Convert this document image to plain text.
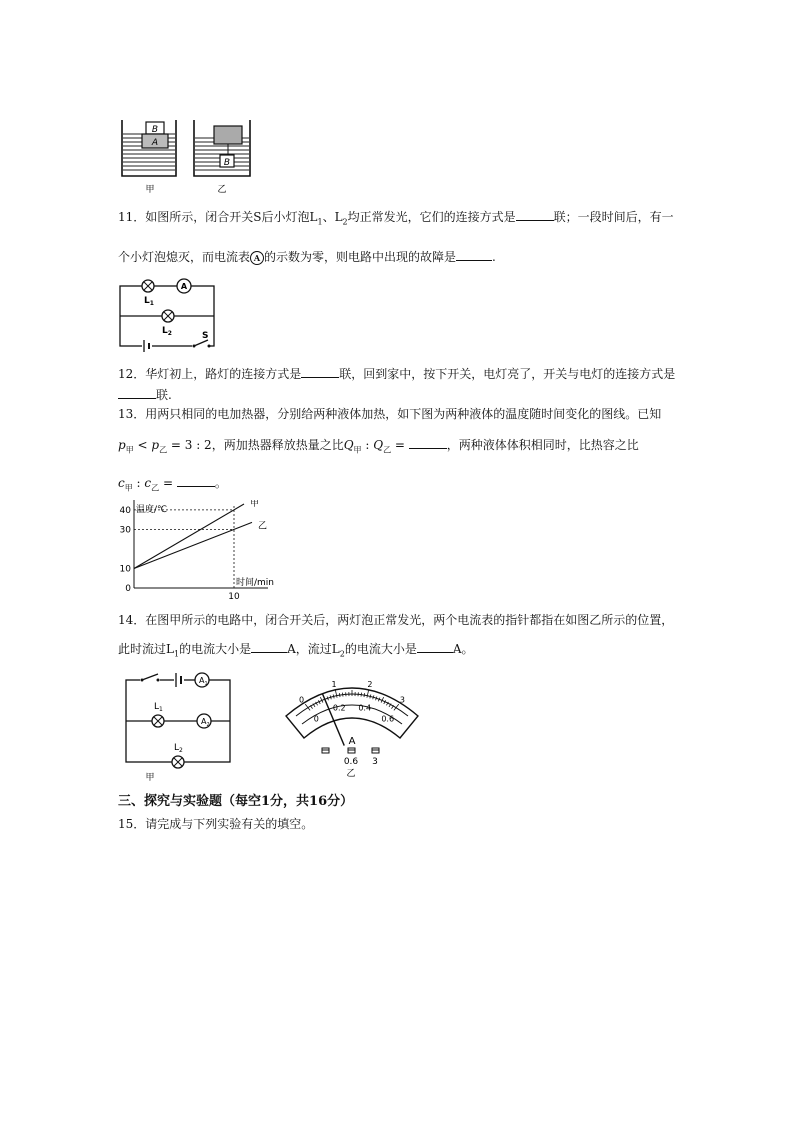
B
A
B
甲	乙
11．如图所示，闭合开关S后小灯泡$L_1$、$L_2$均正常发光，它们的连接方式是	联；一段时间后，有一
个小灯泡熄灭，而电流表 A 的示数为零，则电路中出现的故障是	.
A
$L_1$
$L_2$	S
12．华灯初上，路灯的连接方式是	联，回到家中，按下开关，电灯亮了，开关与电灯的连接方式是
联.
13．用两只相同的电加热器，分别给两种液体加热，如下图为两种液体的温度随时间变化的图线。已知
$p_甲 < p_乙 = 3$ : 2，两加热器释放热量之比$Q_甲$ : $Q_乙$ =	，两种液体体积相同时，比热容之比
$c_甲$ : $c_乙$ =	。
甲
乙
0
10
30
40
10
温度/℃
时间/min
14．在图甲所示的电路中，闭合开关后，两灯泡正常发光，两个电流表的指针都指在如图乙所示的位置，
此时流过$L_1$的电流大小是	A，流过$L_2$的电流大小是	A。
$A_1$
$L_1$
$A_2$
$L_2$
甲
0
1	2
3
0
0.2 0.4
0.6
A
0.6 3
乙
三、探究与实验题（每空1分，共16分）
15．请完成与下列实验有关的填空。
